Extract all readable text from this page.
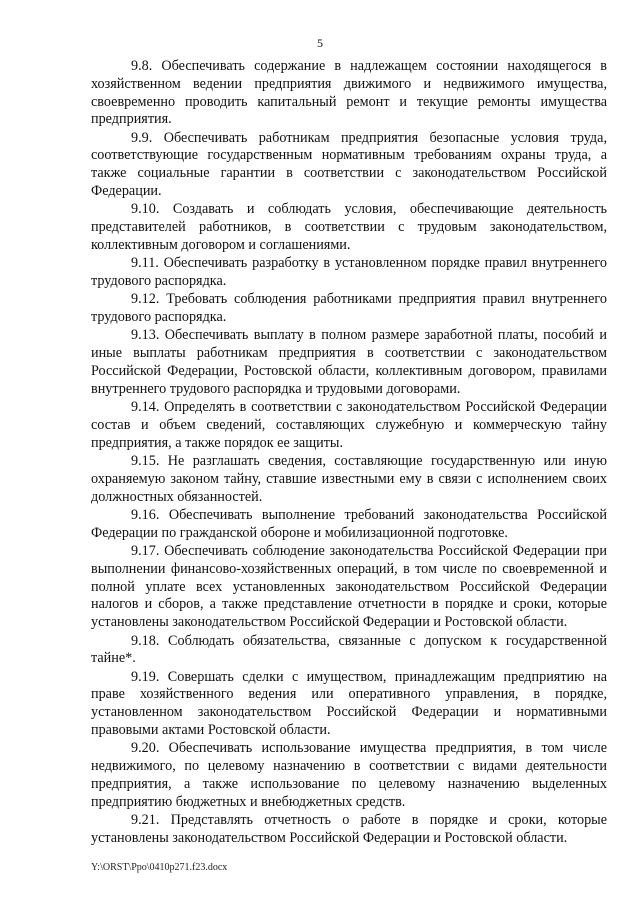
5

9.8. Обеспечивать содержание в надлежащем состоянии находящегося в хозяйственном ведении предприятия движимого и недвижимого имущества, своевременно проводить капитальный ремонт и текущие ремонты имущества предприятия.

9.9. Обеспечивать работникам предприятия безопасные условия труда, соответствующие государственным нормативным требованиям охраны труда, а также социальные гарантии в соответствии с законодательством Российской Федерации.

9.10. Создавать и соблюдать условия, обеспечивающие деятельность представителей работников, в соответствии с трудовым законодательством, коллективным договором и соглашениями.

9.11. Обеспечивать разработку в установленном порядке правил внутреннего трудового распорядка.

9.12. Требовать соблюдения работниками предприятия правил внутреннего трудового распорядка.

9.13. Обеспечивать выплату в полном размере заработной платы, пособий и иные выплаты работникам предприятия в соответствии с законодательством Российской Федерации, Ростовской области, коллективным договором, правилами внутреннего трудового распорядка и трудовыми договорами.

9.14. Определять в соответствии с законодательством Российской Федерации состав и объем сведений, составляющих служебную и коммерческую тайну предприятия, а также порядок ее защиты.

9.15. Не разглашать сведения, составляющие государственную или иную охраняемую законом тайну, ставшие известными ему в связи с исполнением своих должностных обязанностей.

9.16. Обеспечивать выполнение требований законодательства Российской Федерации по гражданской обороне и мобилизационной подготовке.

9.17. Обеспечивать соблюдение законодательства Российской Федерации при выполнении финансово-хозяйственных операций, в том числе по своевременной и полной уплате всех установленных законодательством Российской Федерации налогов и сборов, а также представление отчетности в порядке и сроки, которые установлены законодательством Российской Федерации и Ростовской области.

9.18. Соблюдать обязательства, связанные с допуском к государственной тайне*.

9.19. Совершать сделки с имуществом, принадлежащим предприятию на праве хозяйственного ведения или оперативного управления, в порядке, установленном законодательством Российской Федерации и нормативными правовыми актами Ростовской области.

9.20. Обеспечивать использование имущества предприятия, в том числе недвижимого, по целевому назначению в соответствии с видами деятельности предприятия, а также использование по целевому назначению выделенных предприятию бюджетных и внебюджетных средств.

9.21. Представлять отчетность о работе в порядке и сроки, которые установлены законодательством Российской Федерации и Ростовской области.

Y:\ORST\Ppo\0410p271.f23.docx
